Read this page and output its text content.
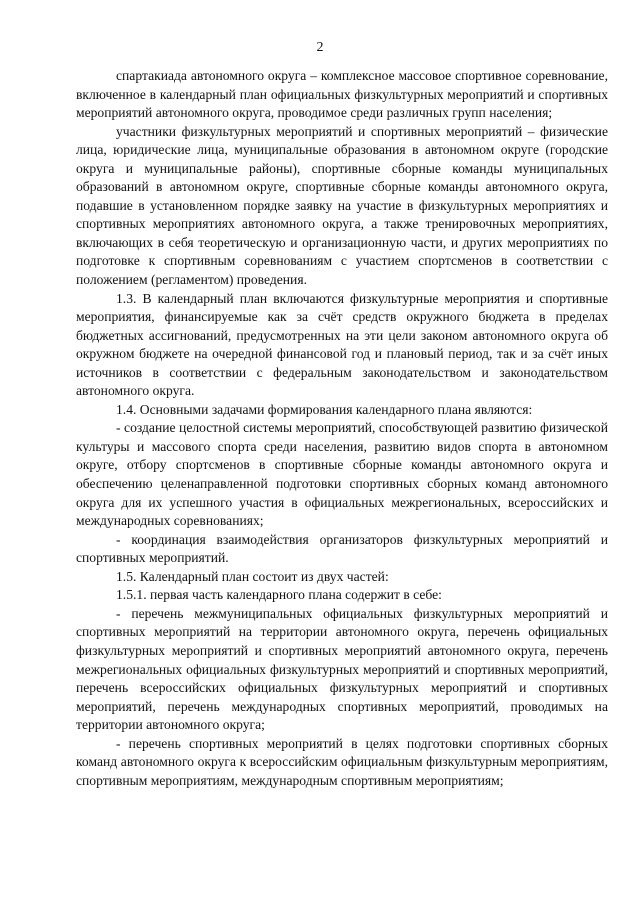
2

спартакиада автономного округа – комплексное массовое спортивное соревнование, включенное в календарный план официальных физкультурных мероприятий и спортивных мероприятий автономного округа, проводимое среди различных групп населения;

участники физкультурных мероприятий и спортивных мероприятий – физические лица, юридические лица, муниципальные образования в автономном округе (городские округа и муниципальные районы), спортивные сборные команды муниципальных образований в автономном округе, спортивные сборные команды автономного округа, подавшие в установленном порядке заявку на участие в физкультурных мероприятиях и спортивных мероприятиях автономного округа, а также тренировочных мероприятиях, включающих в себя теоретическую и организационную части, и других мероприятиях по подготовке к спортивным соревнованиям с участием спортсменов в соответствии с положением (регламентом) проведения.

1.3. В календарный план включаются физкультурные мероприятия и спортивные мероприятия, финансируемые как за счёт средств окружного бюджета в пределах бюджетных ассигнований, предусмотренных на эти цели законом автономного округа об окружном бюджете на очередной финансовой год и плановый период, так и за счёт иных источников в соответствии с федеральным законодательством и законодательством автономного округа.

1.4. Основными задачами формирования календарного плана являются:

- создание целостной системы мероприятий, способствующей развитию физической культуры и массового спорта среди населения, развитию видов спорта в автономном округе, отбору спортсменов в спортивные сборные команды автономного округа и обеспечению целенаправленной подготовки спортивных сборных команд автономного округа для их успешного участия в официальных межрегиональных, всероссийских и международных соревнованиях;

- координация взаимодействия организаторов физкультурных мероприятий и спортивных мероприятий.

1.5. Календарный план состоит из двух частей:

1.5.1. первая часть календарного плана содержит в себе:

- перечень межмуниципальных официальных физкультурных мероприятий и спортивных мероприятий на территории автономного округа, перечень официальных физкультурных мероприятий и спортивных мероприятий автономного округа, перечень межрегиональных официальных физкультурных мероприятий и спортивных мероприятий, перечень всероссийских официальных физкультурных мероприятий и спортивных мероприятий, перечень международных спортивных мероприятий, проводимых на территории автономного округа;

- перечень спортивных мероприятий в целях подготовки спортивных сборных команд автономного округа к всероссийским официальным физкультурным мероприятиям, спортивным мероприятиям, международным спортивным мероприятиям;
